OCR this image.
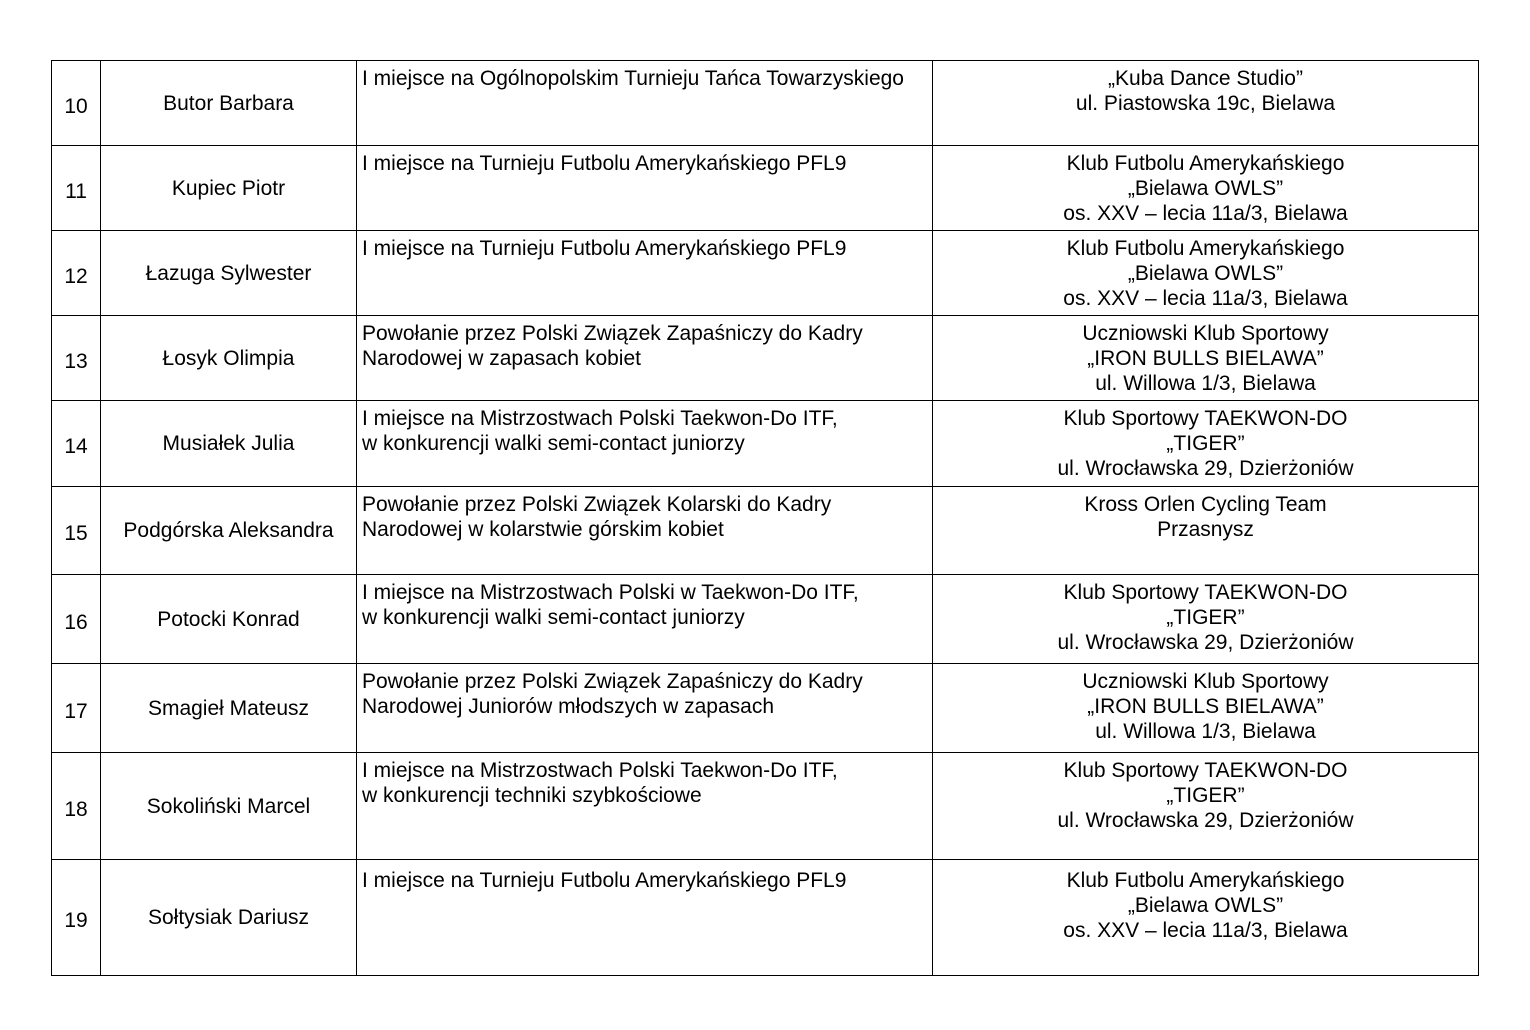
10	Butor Barbara	I miejsce na Ogólnopolskim Turnieju Tańca Towarzyskiego	„Kuba Dance Studio”
ul. Piastowska 19c, Bielawa

11	Kupiec Piotr	I miejsce na Turnieju Futbolu Amerykańskiego PFL9	Klub Futbolu Amerykańskiego
„Bielawa OWLS”
os. XXV – lecia 11a/3, Bielawa

12	Łazuga Sylwester	I miejsce na Turnieju Futbolu Amerykańskiego PFL9	Klub Futbolu Amerykańskiego
„Bielawa OWLS”
os. XXV – lecia 11a/3, Bielawa

13	Łosyk Olimpia	Powołanie przez Polski Związek Zapaśniczy do Kadry
Narodowej w zapasach kobiet	Uczniowski Klub Sportowy
„IRON BULLS BIELAWA”
ul. Willowa 1/3, Bielawa

14	Musiałek Julia	I miejsce na Mistrzostwach Polski Taekwon-Do ITF,
w konkurencji walki semi-contact juniorzy	Klub Sportowy TAEKWON-DO
„TIGER”
ul. Wrocławska 29, Dzierżoniów

15	Podgórska Aleksandra	Powołanie przez Polski Związek Kolarski do Kadry
Narodowej w kolarstwie górskim kobiet	Kross Orlen Cycling Team
Przasnysz

16	Potocki Konrad	I miejsce na Mistrzostwach Polski w Taekwon-Do ITF,
w konkurencji walki semi-contact juniorzy	Klub Sportowy TAEKWON-DO
„TIGER”
ul. Wrocławska 29, Dzierżoniów

17	Smagieł Mateusz	Powołanie przez Polski Związek Zapaśniczy do Kadry
Narodowej Juniorów młodszych w zapasach	Uczniowski Klub Sportowy
„IRON BULLS BIELAWA”
ul. Willowa 1/3, Bielawa

18	Sokoliński Marcel	I miejsce na Mistrzostwach Polski Taekwon-Do ITF,
w konkurencji techniki szybkościowe	Klub Sportowy TAEKWON-DO
„TIGER”
ul. Wrocławska 29, Dzierżoniów

19	Sołtysiak Dariusz	I miejsce na Turnieju Futbolu Amerykańskiego PFL9	Klub Futbolu Amerykańskiego
„Bielawa OWLS”
os. XXV – lecia 11a/3, Bielawa
